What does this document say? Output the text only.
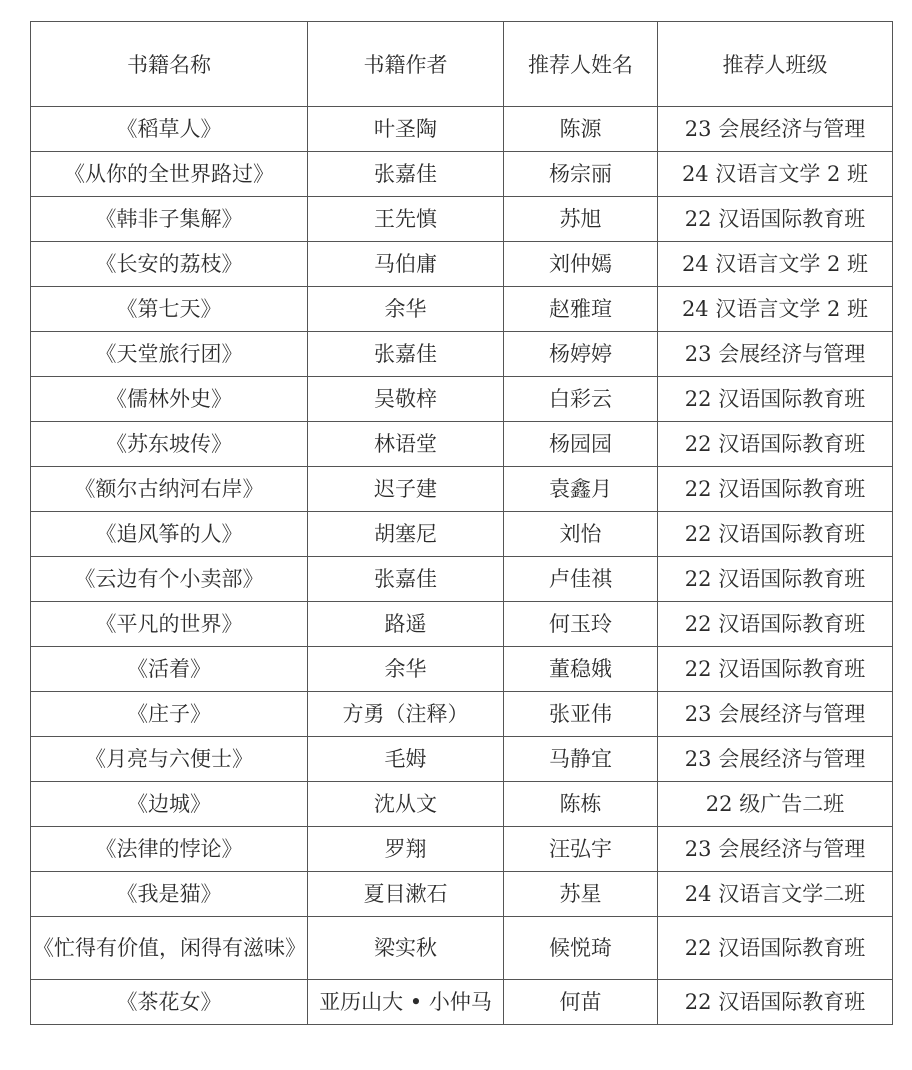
书籍名称	书籍作者	推荐人姓名	推荐人班级
《稻草人》	叶圣陶	陈源	23 会展经济与管理
《从你的全世界路过》	张嘉佳	杨宗丽	24 汉语言文学 2 班
《韩非子集解》	王先慎	苏旭	22 汉语国际教育班
《长安的荔枝》	马伯庸	刘仲嫣	24 汉语言文学 2 班
《第七天》	余华	赵雅瑄	24 汉语言文学 2 班
《天堂旅行团》	张嘉佳	杨婷婷	23 会展经济与管理
《儒林外史》	吴敬梓	白彩云	22 汉语国际教育班
《苏东坡传》	林语堂	杨园园	22 汉语国际教育班
《额尔古纳河右岸》	迟子建	袁鑫月	22 汉语国际教育班
《追风筝的人》	胡塞尼	刘怡	22 汉语国际教育班
《云边有个小卖部》	张嘉佳	卢佳祺	22 汉语国际教育班
《平凡的世界》	路遥	何玉玲	22 汉语国际教育班
《活着》	余华	董稳娥	22 汉语国际教育班
《庄子》	方勇（注释）	张亚伟	23 会展经济与管理
《月亮与六便士》	毛姆	马静宜	23 会展经济与管理
《边城》	沈从文	陈栋	22 级广告二班
《法律的悖论》	罗翔	汪弘宇	23 会展经济与管理
《我是猫》	夏目漱石	苏星	24 汉语言文学二班
《忙得有价值，闲得有滋味》	梁实秋	候悦琦	22 汉语国际教育班
《茶花女》	亚历山大 • 小仲马	何苗	22 汉语国际教育班
